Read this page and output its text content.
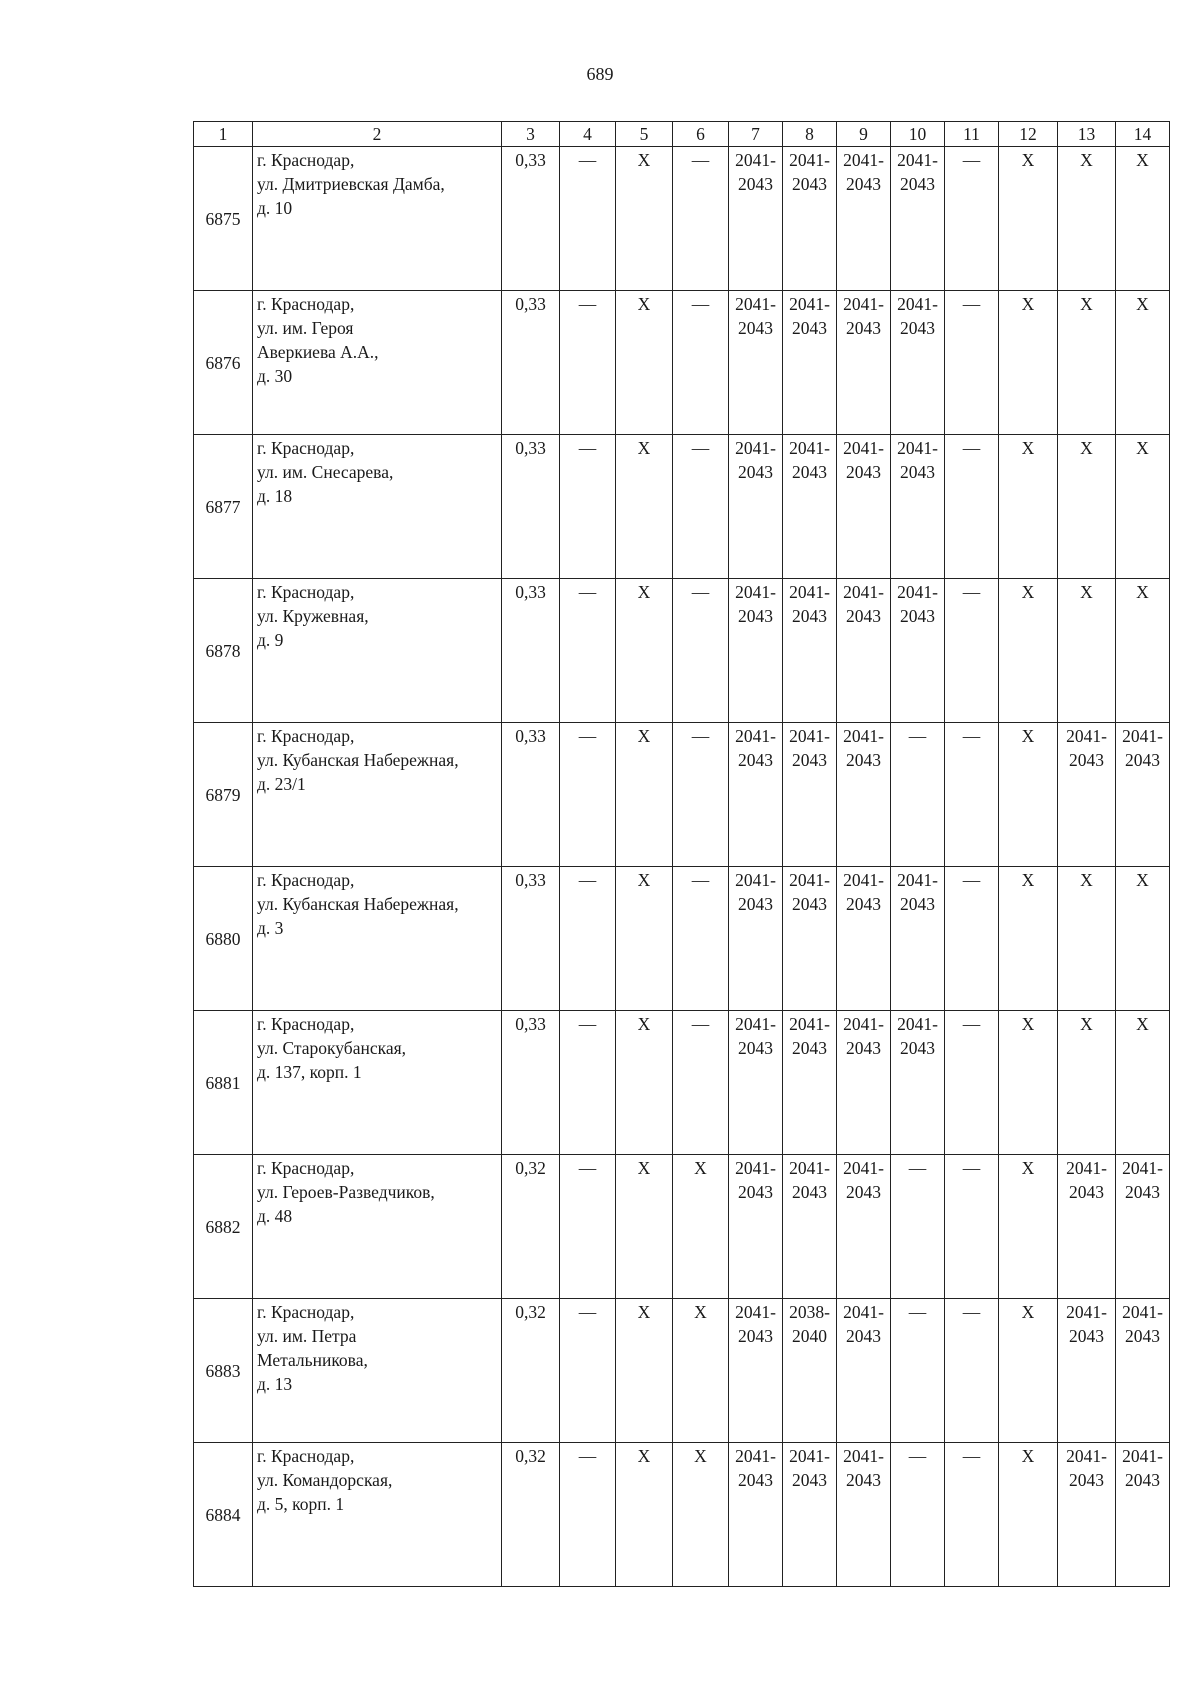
689
1	2	3	4	5	6	7	8	9	10	11	12	13	14
6875	г. Краснодар,
ул. Дмитриевская Дамба,
д. 10	0,33	—	X	—	2041-
2043	2041-
2043	2041-
2043	2041-
2043	—	X	X	X

6876	г. Краснодар,
ул. им. Героя
Аверкиева А.А.,
д. 30	0,33	—	X	—	2041-
2043	2041-
2043	2041-
2043	2041-
2043	—	X	X	X

6877	г. Краснодар,
ул. им. Снесарева,
д. 18	0,33	—	X	—	2041-
2043	2041-
2043	2041-
2043	2041-
2043	—	X	X	X

6878	г. Краснодар,
ул. Кружевная,
д. 9	0,33	—	X	—	2041-
2043	2041-
2043	2041-
2043	2041-
2043	—	X	X	X

6879	г. Краснодар,
ул. Кубанская Набережная,
д. 23/1	0,33	—	X	—	2041-
2043	2041-
2043	2041-
2043	—	—	X	2041-
2043	2041-
2043

6880	г. Краснодар,
ул. Кубанская Набережная,
д. 3	0,33	—	X	—	2041-
2043	2041-
2043	2041-
2043	2041-
2043	—	X	X	X

6881	г. Краснодар,
ул. Старокубанская,
д. 137, корп. 1	0,33	—	X	—	2041-
2043	2041-
2043	2041-
2043	2041-
2043	—	X	X	X

6882	г. Краснодар,
ул. Героев-Разведчиков,
д. 48	0,32	—	X	X	2041-
2043	2041-
2043	2041-
2043	—	—	X	2041-
2043	2041-
2043

6883	г. Краснодар,
ул. им. Петра
Метальникова,
д. 13	0,32	—	X	X	2041-
2043	2038-
2040	2041-
2043	—	—	X	2041-
2043	2041-
2043

6884	г. Краснодар,
ул. Командорская,
д. 5, корп. 1	0,32	—	X	X	2041-
2043	2041-
2043	2041-
2043	—	—	X	2041-
2043	2041-
2043
